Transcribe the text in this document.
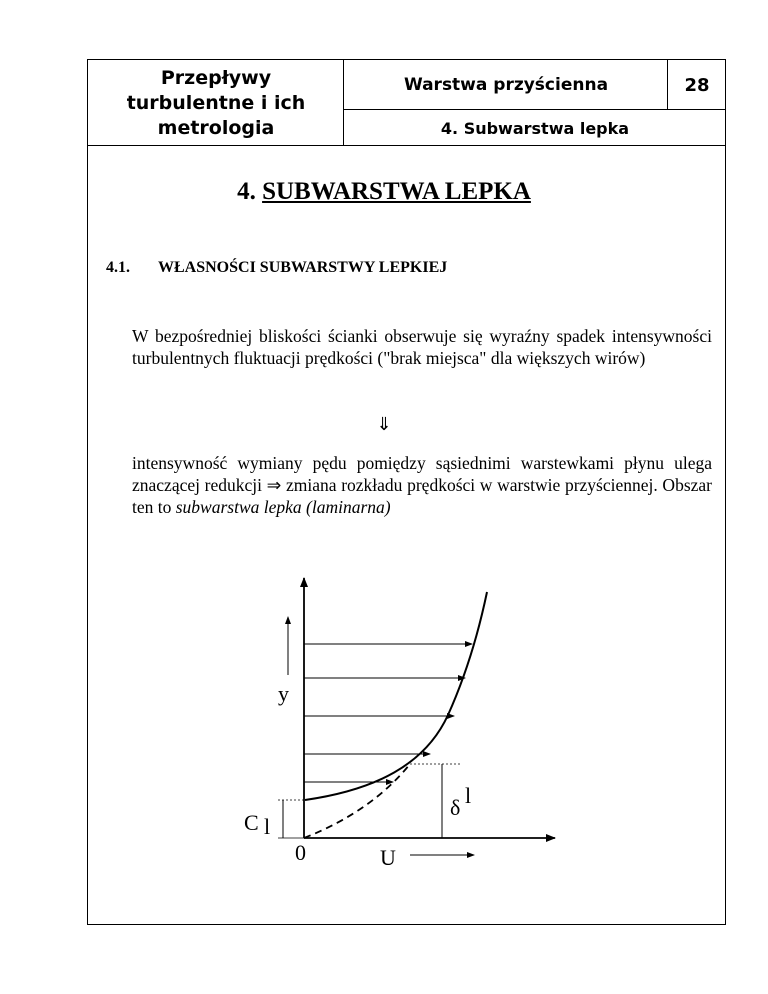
Przepływy
turbulentne i ich
metrologia
Warstwa przyścienna	28
4. Subwarstwa lepka
4. SUBWARSTWA LEPKA
4.1. WŁASNOŚCI SUBWARSTWY LEPKIEJ
W bezpośredniej bliskości ścianki obserwuje się wyraźny spadek intensywności turbulentnych fluktuacji prędkości ("brak miejsca" dla większych wirów)
⇓
intensywność wymiany pędu pomiędzy sąsiednimi warstewkami płynu ulega znaczącej redukcji ⇒ zmiana rozkładu prędkości w warstwie przyściennej. Obszar ten to subwarstwa lepka (laminarna)
y
0	U
C l
δ l
